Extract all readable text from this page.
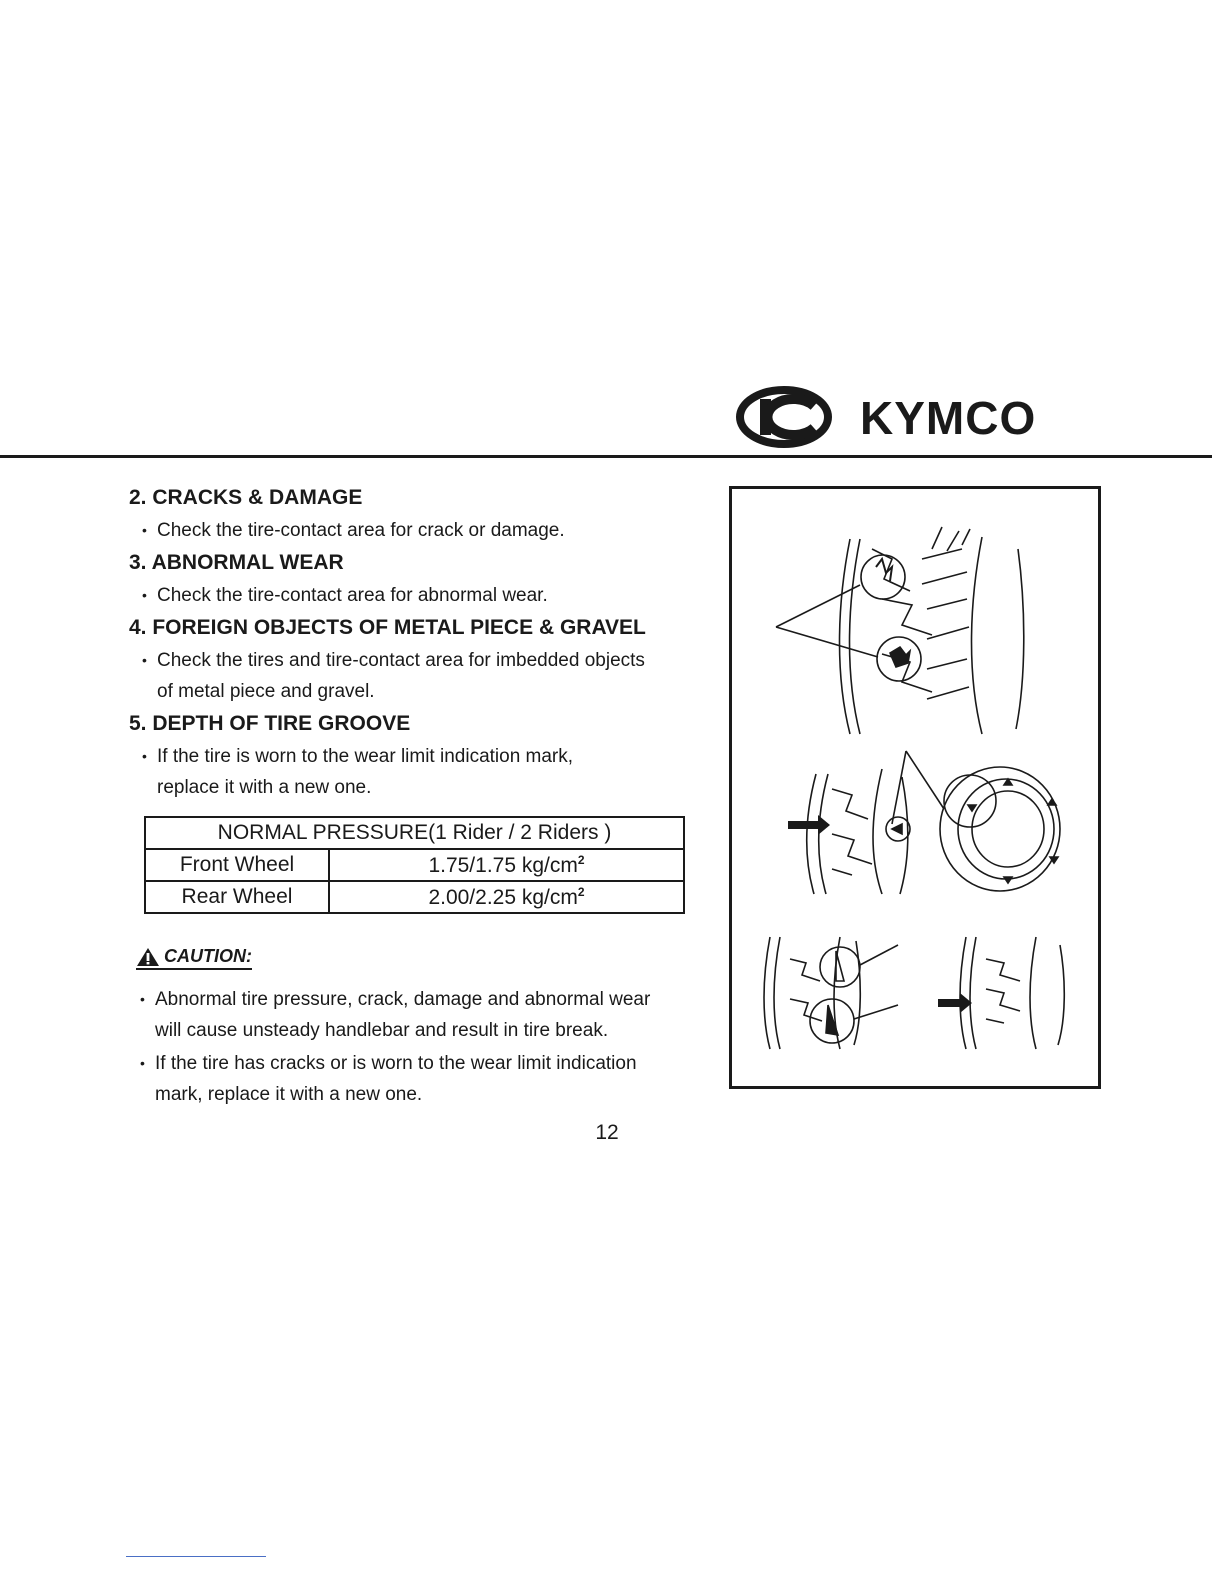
KYMCO
2. CRACKS & DAMAGE
• Check the tire-contact area for crack or damage.
3. ABNORMAL WEAR
• Check the tire-contact area for abnormal wear.
4. FOREIGN OBJECTS OF METAL PIECE & GRAVEL
• Check the tires and tire-contact area for imbedded objects
of metal piece and gravel.
5. DEPTH OF TIRE GROOVE
• If the tire is worn to the wear limit indication mark,
replace it with a new one.
NORMAL PRESSURE(1 Rider / 2 Riders )	
Front Wheel	1.75/1.75 $kg/cm^2$
Rear Wheel	2.00/2.25 $kg/cm^2$
CAUTION:
• Abnormal tire pressure, crack, damage and abnormal wear
will cause unsteady handlebar and result in tire break.
• If the tire has cracks or is worn to the wear limit indication
mark, replace it with a new one.
12
